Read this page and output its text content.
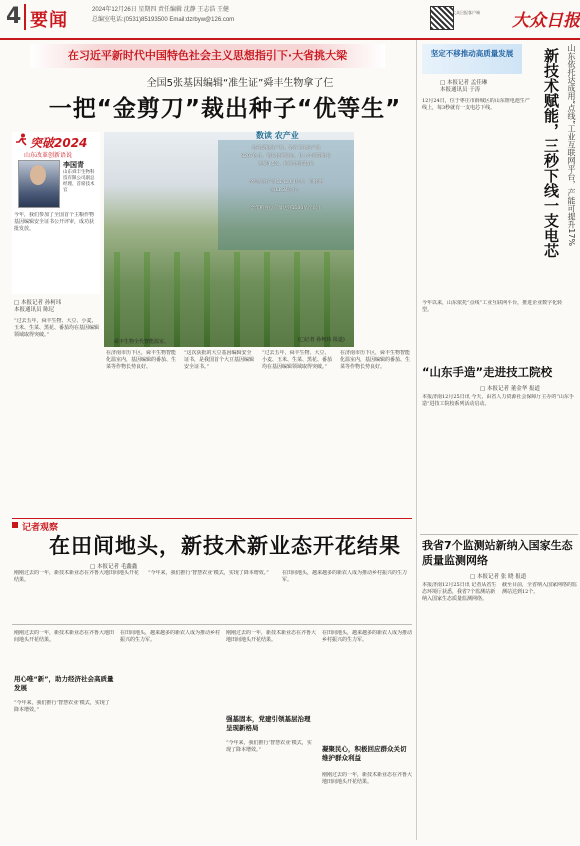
4 要闻	2024年12月26日 星期四 责任编辑 沈静 王志浩 王健
总编室电话:(0531)85193500 Email:dzrbyw@126.com
大众日报客户端 大众日报
在习近平新时代中国特色社会主义思想指引下·大省挑大梁
全国5张基因编辑“准生证”舜丰生物拿了仨
一把“金剪刀”裁出种子“优等生”
突破2024
山东改革创新语说
李国青
山东舜丰生物科技有限公司副总经理、首席技术官
今年，我们参加了全国首个主粮作物基因编辑安全证书公开评审，成功获批发放。
数读 农产业
全省夏粮总产量、全省玉米总产量
8207亿元、增长比例稳定，让上年同期增长
达到4.5%，位居全国第5位
全年粮食产量1142.64亿斤，同比增
加11.34亿斤。
全年粮食总产量达到1100亿斤以上
舜丰生物全代智能温室。	(□记者 孙柯玮 报道)
□ 本报记者 孙柯玮
本报通讯员 陈尼
“过去五年，舜丰生物、大豆、小麦、玉米、生菜、黑花、番茄均在基因编辑领域取得突破。”
在济南市历下区，舜丰生物智能化温室内，基因编辑的番茄、生菜等作物长势良好。
“这次获批的大豆基因编辑安全证书，是我国首个大豆基因编辑安全证书。”
“过去五年，舜丰生物、大豆、小麦、玉米、生菜、黑花、番茄均在基因编辑领域取得突破。”
在济南市历下区，舜丰生物智能化温室内，基因编辑的番茄、生菜等作物长势良好。
记者观察
在田间地头，新技术新业态开花结果
□ 本报记者 毛鑫鑫
刚刚过去的一年，新技术新业态在齐鲁大地田间地头开花结果。
“今年来，我们推行‘智慧农业’模式，实现了降本增效。”	在田间地头，越来越多的新农人成为推动乡村振兴的生力军。
刚刚过去的一年，新技术新业态在齐鲁大地田间地头开花结果。
用心唯“新”，助力经济社会高质量发展
“今年来，我们推行‘智慧农业’模式，实现了降本增效。”
在田间地头，越来越多的新农人成为推动乡村振兴的生力军。
刚刚过去的一年，新技术新业态在齐鲁大地田间地头开花结果。
强基固本，党建引领基层治理呈现新格局
“今年来，我们推行‘智慧农业’模式，实现了降本增效。”
在田间地头，越来越多的新农人成为推动乡村振兴的生力军。
凝聚民心，积极回应群众关切维护群众利益
刚刚过去的一年，新技术新业态在齐鲁大地田间地头开花结果。
坚定不移推动高质量发展	山东依托达成用“点线”工业互联网平台，产能可提升17%
新技术赋能，三秒下线一支电芯
□ 本报记者 孟佳琳
本报通讯员 于涛
12月24日，位于枣庄市薛城区的山东锂电池生产线上，每3秒就有一支电芯下线。
今年以来，山东依托“点线”工业互联网平台，推进企业数字化转型。
“山东手造”走进技工院校
□ 本报记者 董金华 报道
本报济南12月25日讯 今天，由省人力资源社会保障厅主办的“山东手造”进技工院校系列活动启动。
我省7个监测站新纳入国家生态质量监测网络
□ 本报记者 张 晓 报道
本报济南12月25日讯 记者从省生态环境厅获悉，我省7个监测站新纳入国家生态质量监测网络。
截至目前，全省纳入国家网络的监测站达到12个。
